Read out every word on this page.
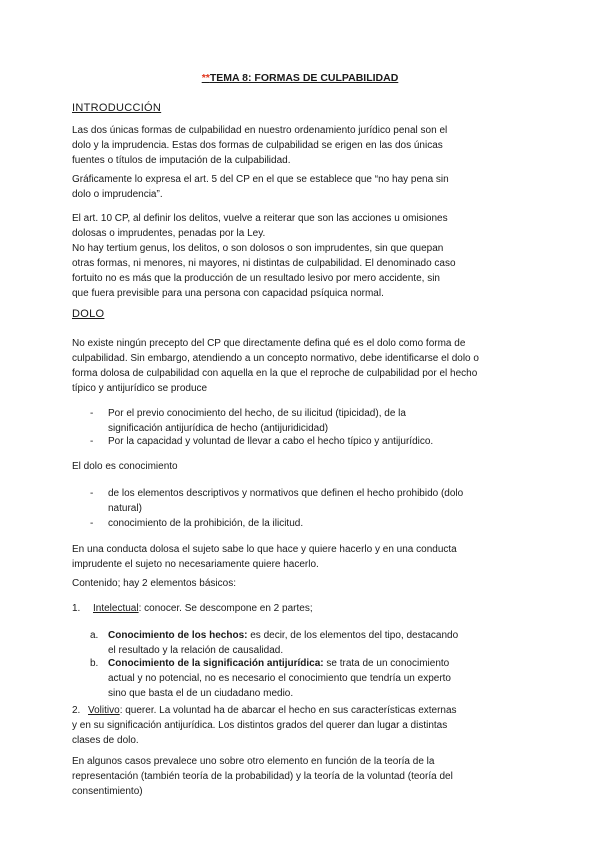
**TEMA 8: FORMAS DE CULPABILIDAD
INTRODUCCIÓN
Las dos únicas formas de culpabilidad en nuestro ordenamiento jurídico penal son el
dolo y la imprudencia. Estas dos formas de culpabilidad se erigen en las dos únicas
fuentes o títulos de imputación de la culpabilidad.
Gráficamente lo expresa el art. 5 del CP en el que se establece que “no hay pena sin
dolo o imprudencia”.
El art. 10 CP, al definir los delitos, vuelve a reiterar que son las acciones u omisiones
dolosas o imprudentes, penadas por la Ley.
No hay tertium genus, los delitos, o son dolosos o son imprudentes, sin que quepan
otras formas, ni menores, ni mayores, ni distintas de culpabilidad. El denominado caso
fortuito no es más que la producción de un resultado lesivo por mero accidente, sin
que fuera previsible para una persona con capacidad psíquica normal.
DOLO
No existe ningún precepto del CP que directamente defina qué es el dolo como forma de
culpabilidad. Sin embargo, atendiendo a un concepto normativo, debe identificarse el dolo o
forma dolosa de culpabilidad con aquella en la que el reproche de culpabilidad por el hecho
típico y antijurídico se produce
- Por el previo conocimiento del hecho, de su ilicitud (tipicidad), de la
significación antijurídica de hecho (antijuridicidad)
- Por la capacidad y voluntad de llevar a cabo el hecho típico y antijurídico.
El dolo es conocimiento
- de los elementos descriptivos y normativos que definen el hecho prohibido (dolo
natural)
- conocimiento de la prohibición, de la ilicitud.
En una conducta dolosa el sujeto sabe lo que hace y quiere hacerlo y en una conducta
imprudente el sujeto no necesariamente quiere hacerlo.
Contenido; hay 2 elementos básicos:
1. Intelectual: conocer. Se descompone en 2 partes;
a. Conocimiento de los hechos: es decir, de los elementos del tipo, destacando
el resultado y la relación de causalidad.
b. Conocimiento de la significación antijurídica: se trata de un conocimiento
actual y no potencial, no es necesario el conocimiento que tendría un experto
sino que basta el de un ciudadano medio.
2. Volitivo: querer. La voluntad ha de abarcar el hecho en sus características externas
y en su significación antijurídica. Los distintos grados del querer dan lugar a distintas
clases de dolo.
En algunos casos prevalece uno sobre otro elemento en función de la teoría de la
representación (también teoría de la probabilidad) y la teoría de la voluntad (teoría del
consentimiento)
